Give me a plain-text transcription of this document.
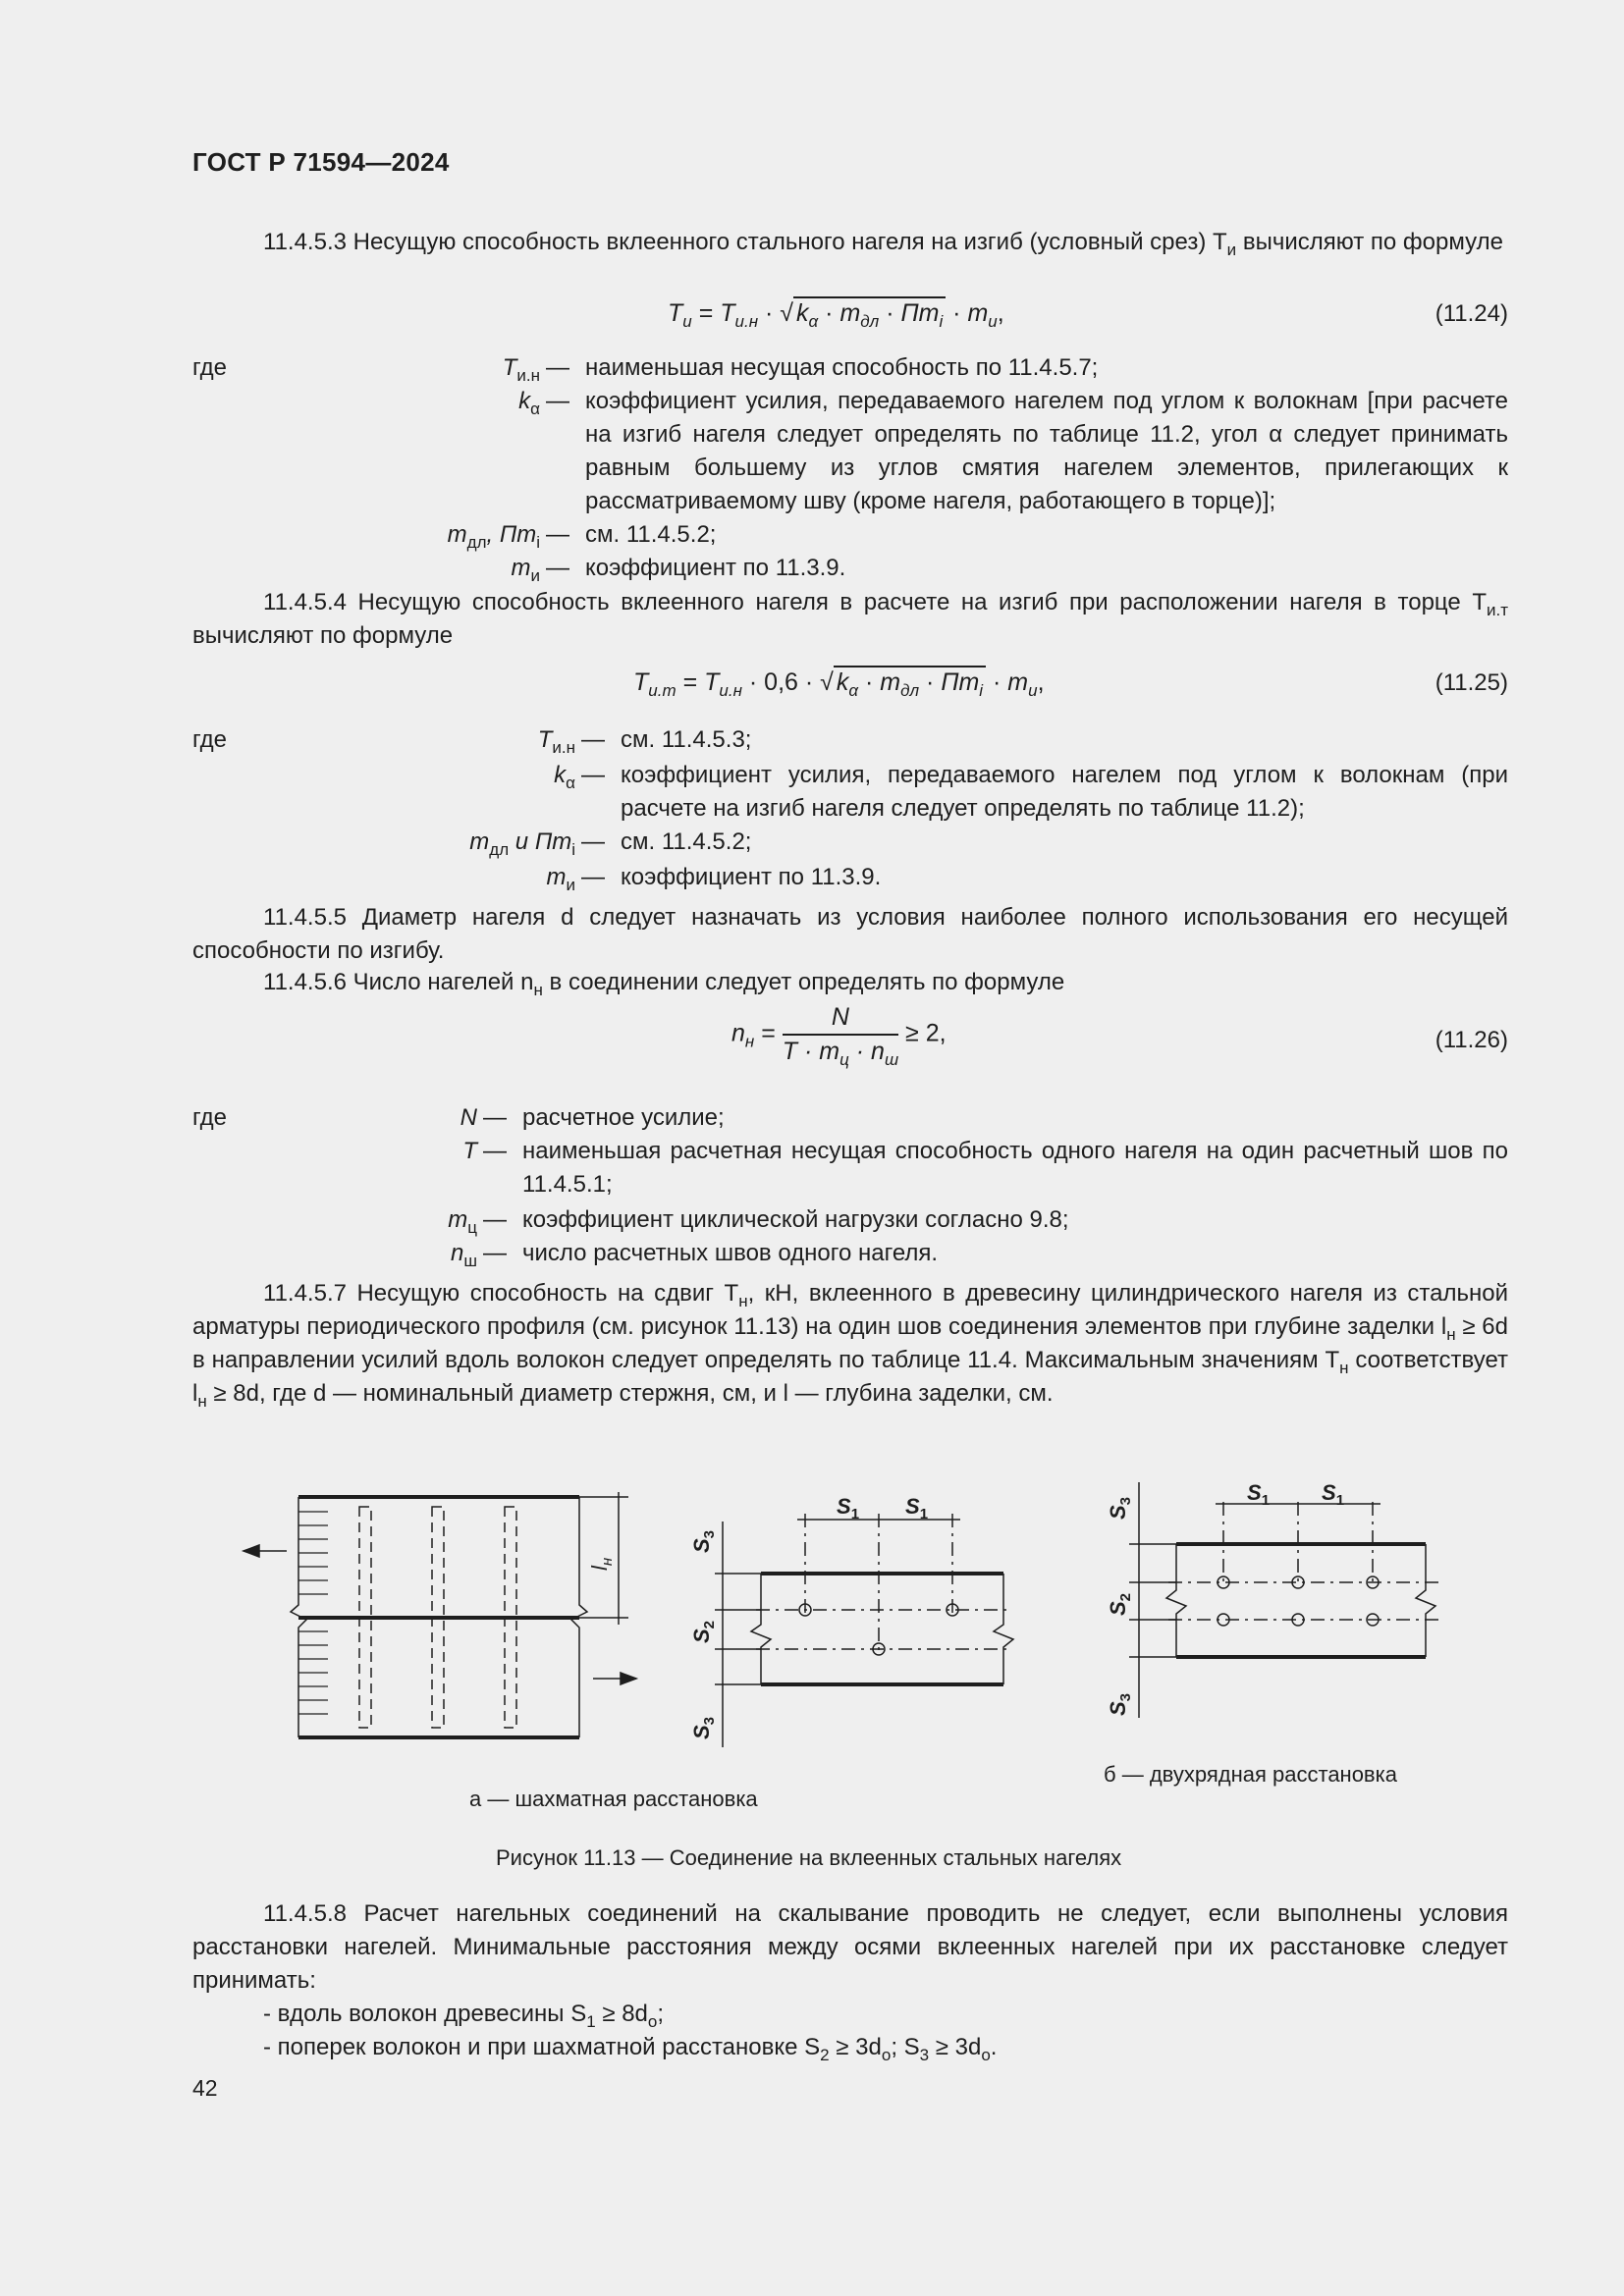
ГОСТ Р 71594—2024
11.4.5.3 Несущую способность вклеенного стального нагеля на изгиб (условный срез) $T_и$ вычисляют по формуле
$T_и = T_{и.н}$ · √ $k_\alpha \cdot m_{дл} \cdot Пm_i \cdot m_и$,	(11.24)
где	$T_{и.н}$ — наименьшая несущая способность по 11.4.5.7;
$k_\alpha$ — коэффициент усилия, передаваемого нагелем под углом к волокнам [при расчете на изгиб нагеля следует определять по таблице 11.2, угол α следует принимать равным большему из углов смятия нагелем элементов, прилегающих к рассматриваемому шву (кроме нагеля, работающего в торце)];
$m_{дл}$, $Пm_i$ — см. 11.4.5.2;
$m_и$ — коэффициент по 11.3.9.
11.4.5.4 Несущую способность вклеенного нагеля в расчете на изгиб при расположении нагеля в торце $T_{и.т}$ вычисляют по формуле
$T_{и.т} = T_{и.н} \cdot 0,6$ · √ $k_\alpha \cdot m_{дл} \cdot Пm_i \cdot m_и$,	(11.25)
где	$T_{и.н}$ — см. 11.4.5.3;
$k_\alpha$ — коэффициент усилия, передаваемого нагелем под углом к волокнам (при расчете на изгиб нагеля следует определять по таблице 11.2);
$m_{дл}$ и $Пm_i$ — см. 11.4.5.2;
$m_и$ — коэффициент по 11.3.9.
11.4.5.5 Диаметр нагеля d следует назначать из условия наиболее полного использования его несущей способности по изгибу.
11.4.5.6 Число нагелей $n_н$ в соединении следует определять по формуле
$n_н = \frac{N}{T \cdot m_ц \cdot n_ш} \ge 2$,	(11.26)
где	N — расчетное усилие;
T — наименьшая расчетная несущая способность одного нагеля на один расчетный шов по 11.4.5.1;
$m_ц$ — коэффициент циклической нагрузки согласно 9.8;
$n_ш$ — число расчетных швов одного нагеля.
11.4.5.7 Несущую способность на сдвиг $T_н$, кН, вклеенного в древесину цилиндрического нагеля из стальной арматуры периодического профиля (см. рисунок 11.13) на один шов соединения элементов при глубине заделки $l_н \ge 6d$ в направлении усилий вдоль волокон следует определять по таблице 11.4. Максимальным значениям $T_н$ соответствует $l_н \ge 8d$, где d — номинальный диаметр стержня, см, и l — глубина заделки, см.
$l_н$
$S_1$ $S_1$
$S_3$
$S_2$
$S_3$
$S_1$ $S_1$
$S_3$
$S_2$
$S_3$
а — шахматная расстановка
б — двухрядная расстановка
Рисунок 11.13 — Соединение на вклеенных стальных нагелях
11.4.5.8 Расчет нагельных соединений на скалывание проводить не следует, если выполнены условия расстановки нагелей. Минимальные расстояния между осями вклеенных нагелей при их расстановке следует принимать:
- вдоль волокон древесины $S_1 \ge 8d_о$;
- поперек волокон и при шахматной расстановке $S_2 \ge 3d_о$; $S_3 \ge 3d_о$.
42
